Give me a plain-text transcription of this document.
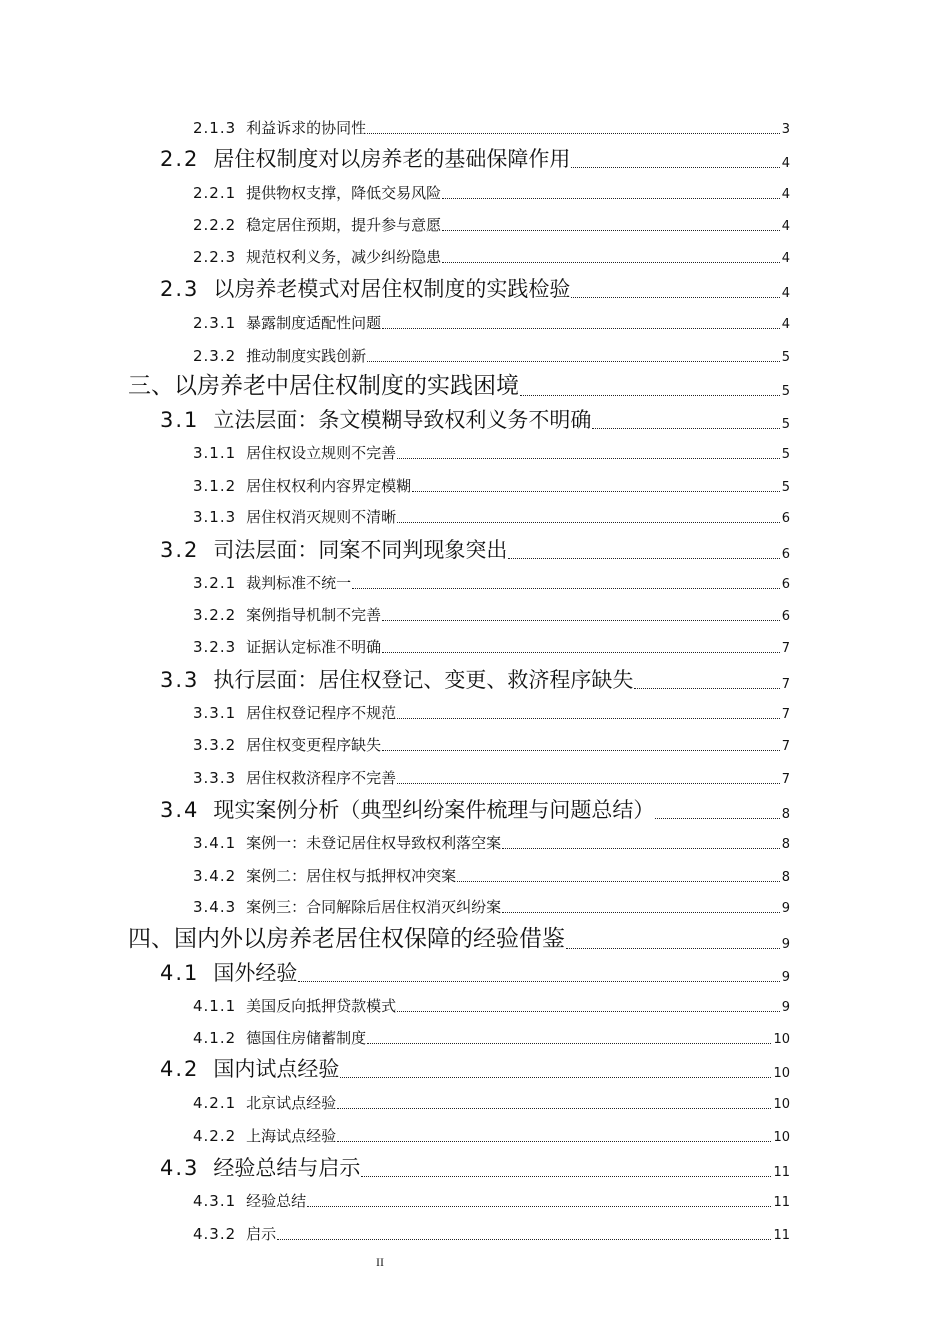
2.1.3 利益诉求的协同性	3
2.2 居住权制度对以房养老的基础保障作用	4
2.2.1 提供物权支撑，降低交易风险	4
2.2.2 稳定居住预期，提升参与意愿	4
2.2.3 规范权利义务，减少纠纷隐患	4
2.3 以房养老模式对居住权制度的实践检验	4
2.3.1 暴露制度适配性问题	4
2.3.2 推动制度实践创新	5
三、以房养老中居住权制度的实践困境	5
3.1 立法层面：条文模糊导致权利义务不明确	5
3.1.1 居住权设立规则不完善	5
3.1.2 居住权权利内容界定模糊	5
3.1.3 居住权消灭规则不清晰	6
3.2 司法层面：同案不同判现象突出	6
3.2.1 裁判标准不统一	6
3.2.2 案例指导机制不完善	6
3.2.3 证据认定标准不明确	7
3.3 执行层面：居住权登记、变更、救济程序缺失	7
3.3.1 居住权登记程序不规范	7
3.3.2 居住权变更程序缺失	7
3.3.3 居住权救济程序不完善	7
3.4 现实案例分析（典型纠纷案件梳理与问题总结）	8
3.4.1 案例一：未登记居住权导致权利落空案	8
3.4.2 案例二：居住权与抵押权冲突案	8
3.4.3 案例三：合同解除后居住权消灭纠纷案	9
四、国内外以房养老居住权保障的经验借鉴	9
4.1 国外经验	9
4.1.1 美国反向抵押贷款模式	9
4.1.2 德国住房储蓄制度	10
4.2 国内试点经验	10
4.2.1 北京试点经验	10
4.2.2 上海试点经验	10
4.3 经验总结与启示	11
4.3.1 经验总结	11
4.3.2 启示	11
II
